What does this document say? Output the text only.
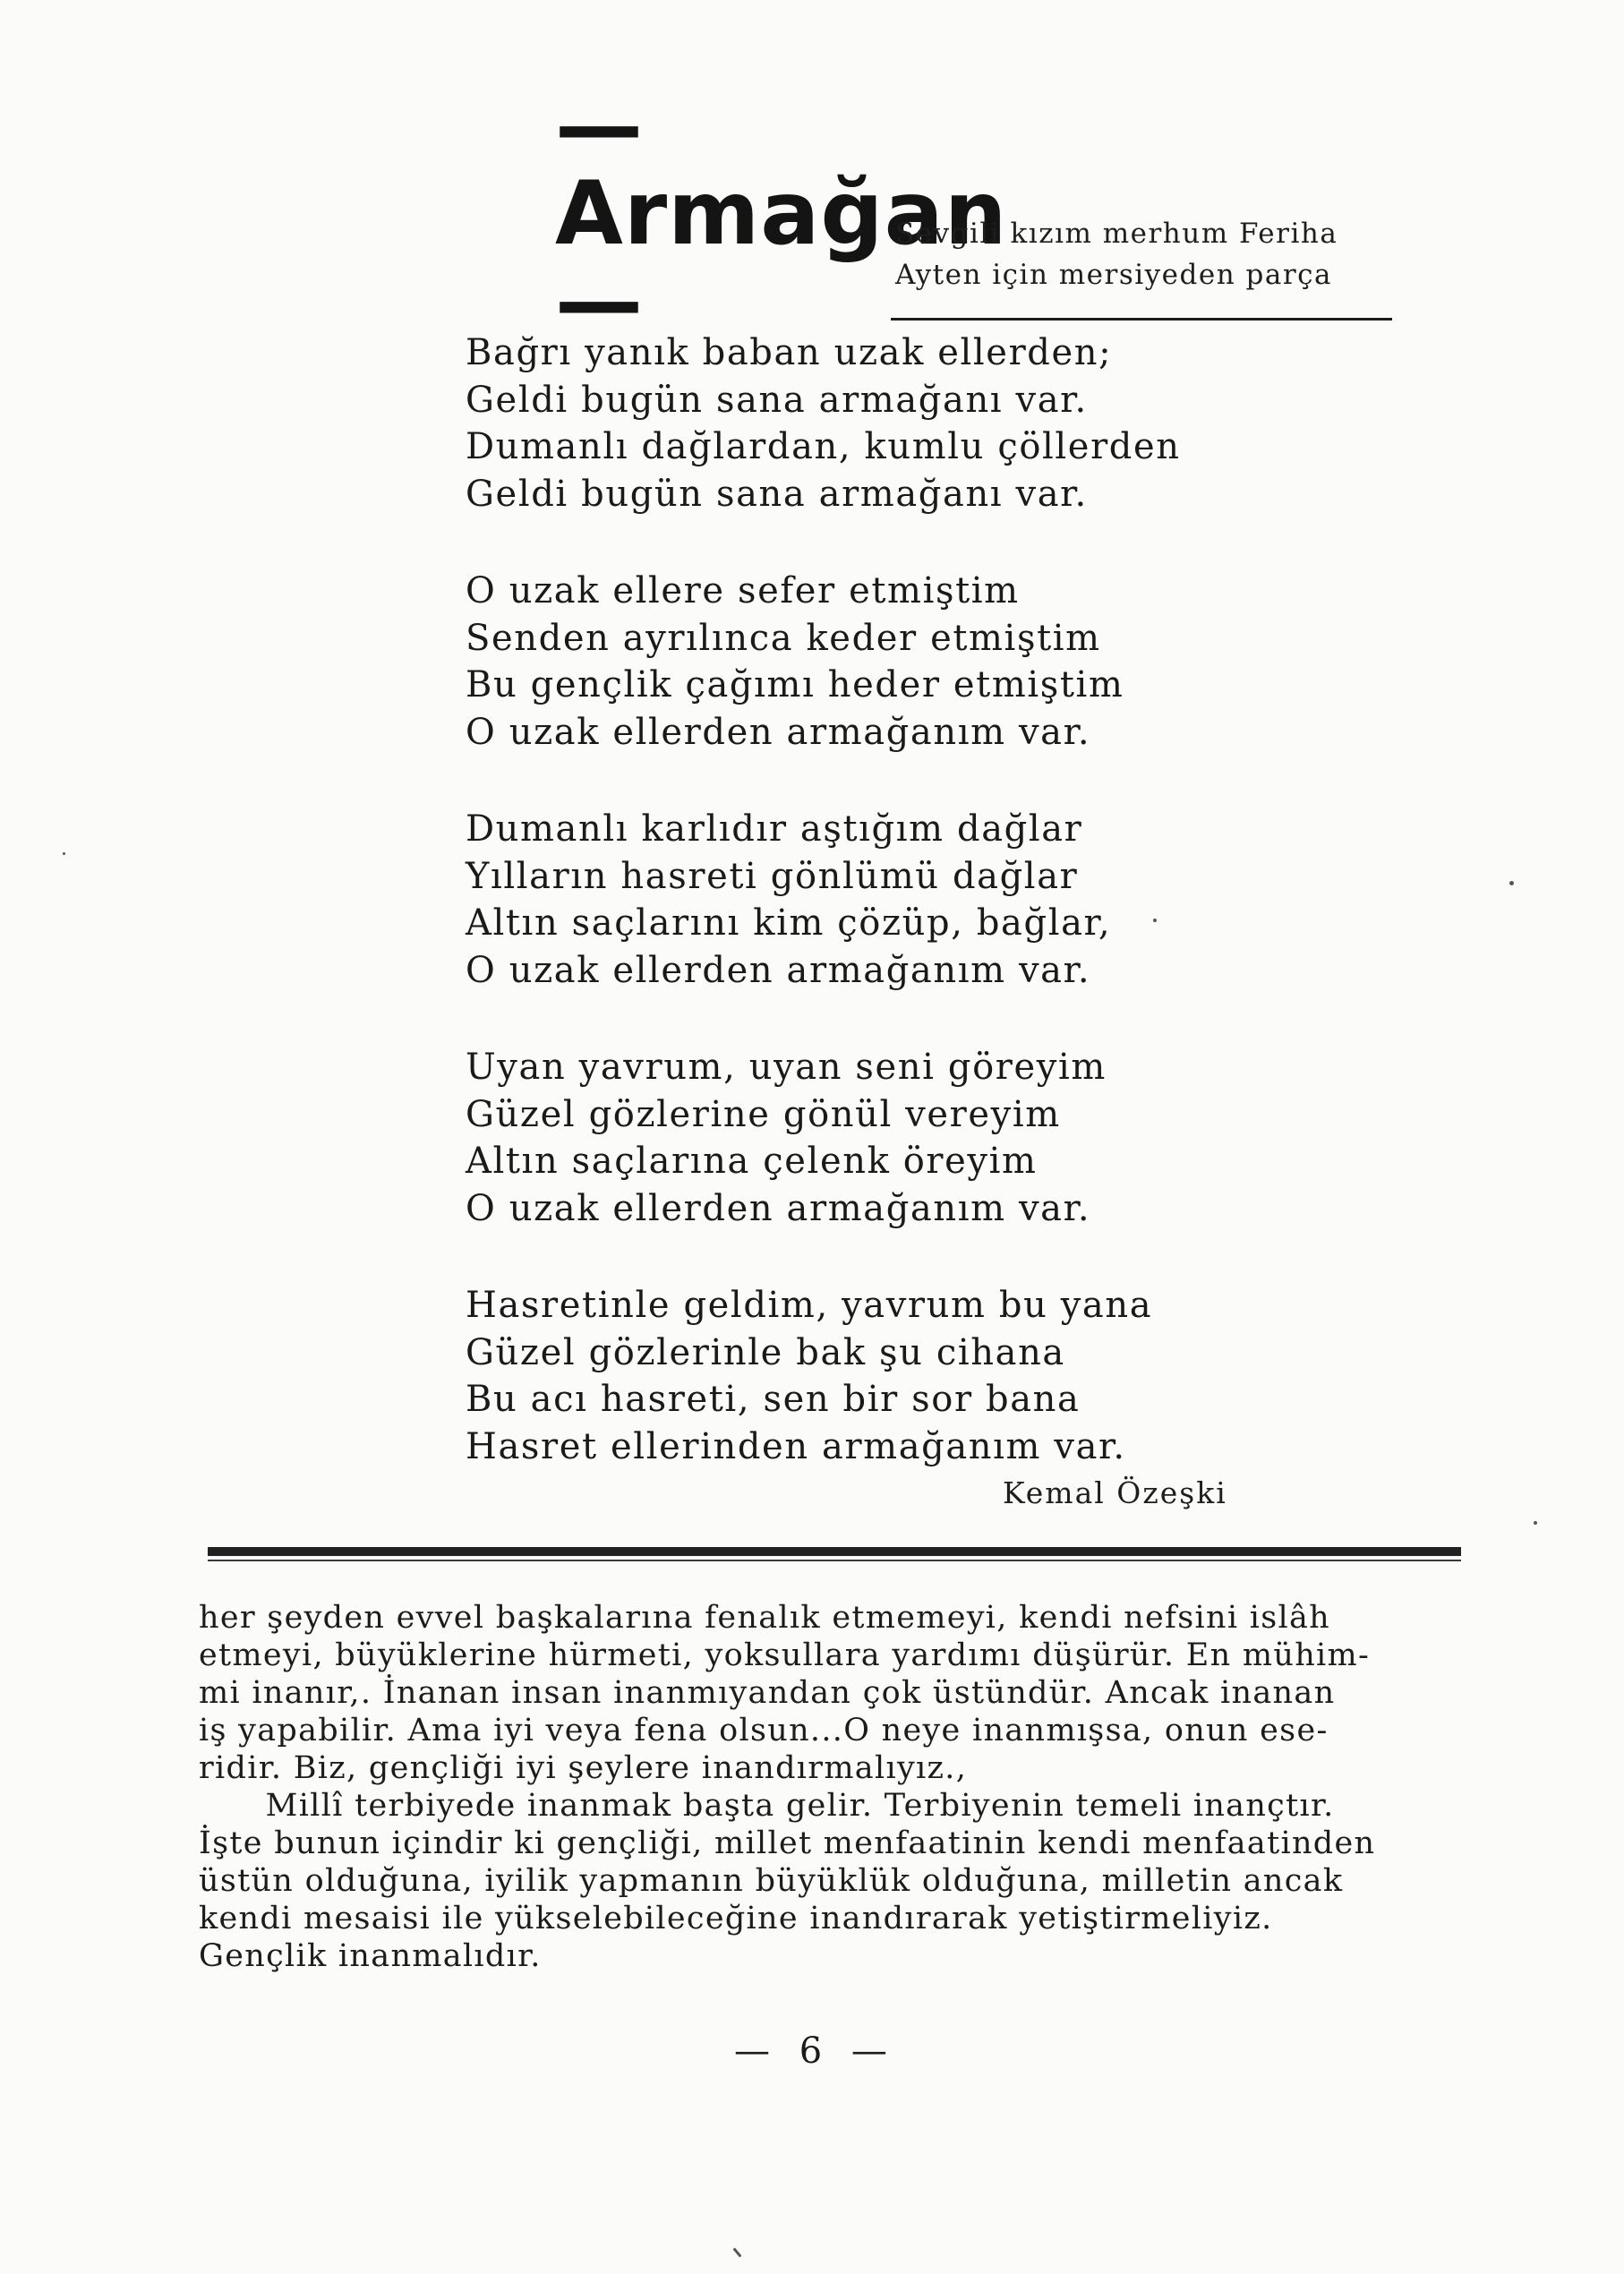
—Armağan—
Sevgili kızım merhum Feriha
Ayten için mersiyeden parça
Bağrı yanık baban uzak ellerden;
Geldi bugün sana armağanı var.
Dumanlı dağlardan, kumlu çöllerden
Geldi bugün sana armağanı var.
O uzak ellere sefer etmiştim
Senden ayrılınca keder etmiştim
Bu gençlik çağımı heder etmiştim
O uzak ellerden armağanım var.
Dumanlı karlıdır aştığım dağlar
Yılların hasreti gönlümü dağlar
Altın saçlarını kim çözüp, bağlar,
O uzak ellerden armağanım var.
Uyan yavrum, uyan seni göreyim
Güzel gözlerine gönül vereyim
Altın saçlarına çelenk öreyim
O uzak ellerden armağanım var.
Hasretinle geldim, yavrum bu yana
Güzel gözlerinle bak şu cihana
Bu acı hasreti, sen bir sor bana
Hasret ellerinden armağanım var.
Kemal Özeşki
her şeyden evvel başkalarına fenalık etmemeyi, kendi nefsini islâh
etmeyi, büyüklerine hürmeti, yoksullara yardımı düşürür. En mühim-
mi inanır,. İnanan insan inanmıyandan çok üstündür. Ancak inanan
iş yapabilir. Ama iyi veya fena olsun...O neye inanmışsa, onun ese-
ridir. Biz, gençliği iyi şeylere inandırmalıyız.,
Millî terbiyede inanmak başta gelir. Terbiyenin temeli inançtır.
İşte bunun içindir ki gençliği, millet menfaatinin kendi menfaatinden
üstün olduğuna, iyilik yapmanın büyüklük olduğuna, milletin ancak
kendi mesaisi ile yükselebileceğine inandırarak yetiştirmeliyiz.
Gençlik inanmalıdır.
— 6 —
